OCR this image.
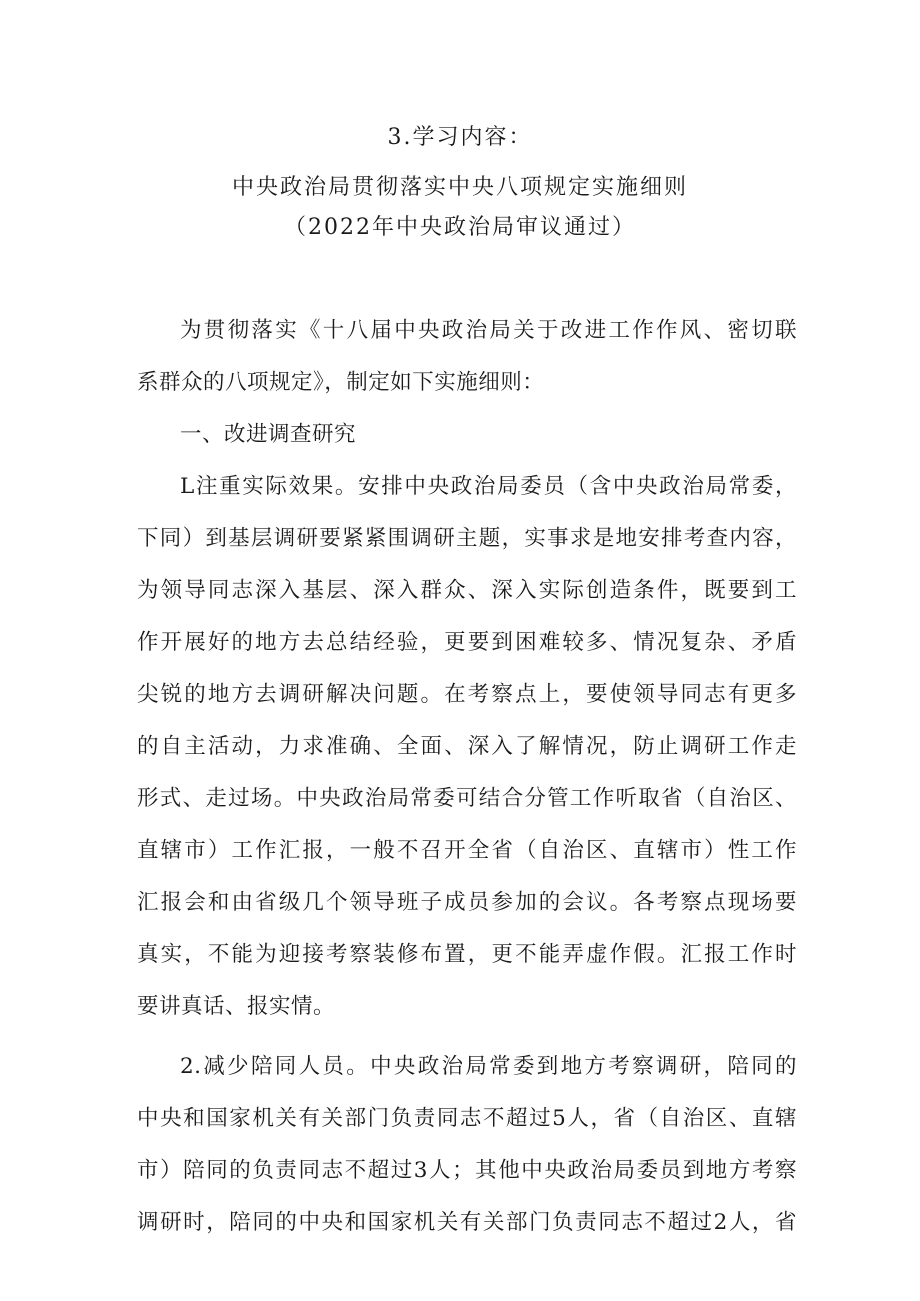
3.学习内容：
中央政治局贯彻落实中央八项规定实施细则
（2022年中央政治局审议通过）
为贯彻落实《十八届中央政治局关于改进工作作风、密切联
系群众的八项规定》，制定如下实施细则：
一、改进调查研究
L注重实际效果。安排中央政治局委员（含中央政治局常委，
下同）到基层调研要紧紧围调研主题，实事求是地安排考查内容，
为领导同志深入基层、深入群众、深入实际创造条件，既要到工
作开展好的地方去总结经验，更要到困难较多、情况复杂、矛盾
尖锐的地方去调研解决问题。在考察点上，要使领导同志有更多
的自主活动，力求准确、全面、深入了解情况，防止调研工作走
形式、走过场。中央政治局常委可结合分管工作听取省（自治区、
直辖市）工作汇报，一般不召开全省（自治区、直辖市）性工作
汇报会和由省级几个领导班子成员参加的会议。各考察点现场要
真实，不能为迎接考察装修布置，更不能弄虚作假。汇报工作时
要讲真话、报实情。
2.减少陪同人员。中央政治局常委到地方考察调研，陪同的
中央和国家机关有关部门负责同志不超过5人，省（自治区、直辖
市）陪同的负责同志不超过3人；其他中央政治局委员到地方考察
调研时，陪同的中央和国家机关有关部门负责同志不超过2人，省
